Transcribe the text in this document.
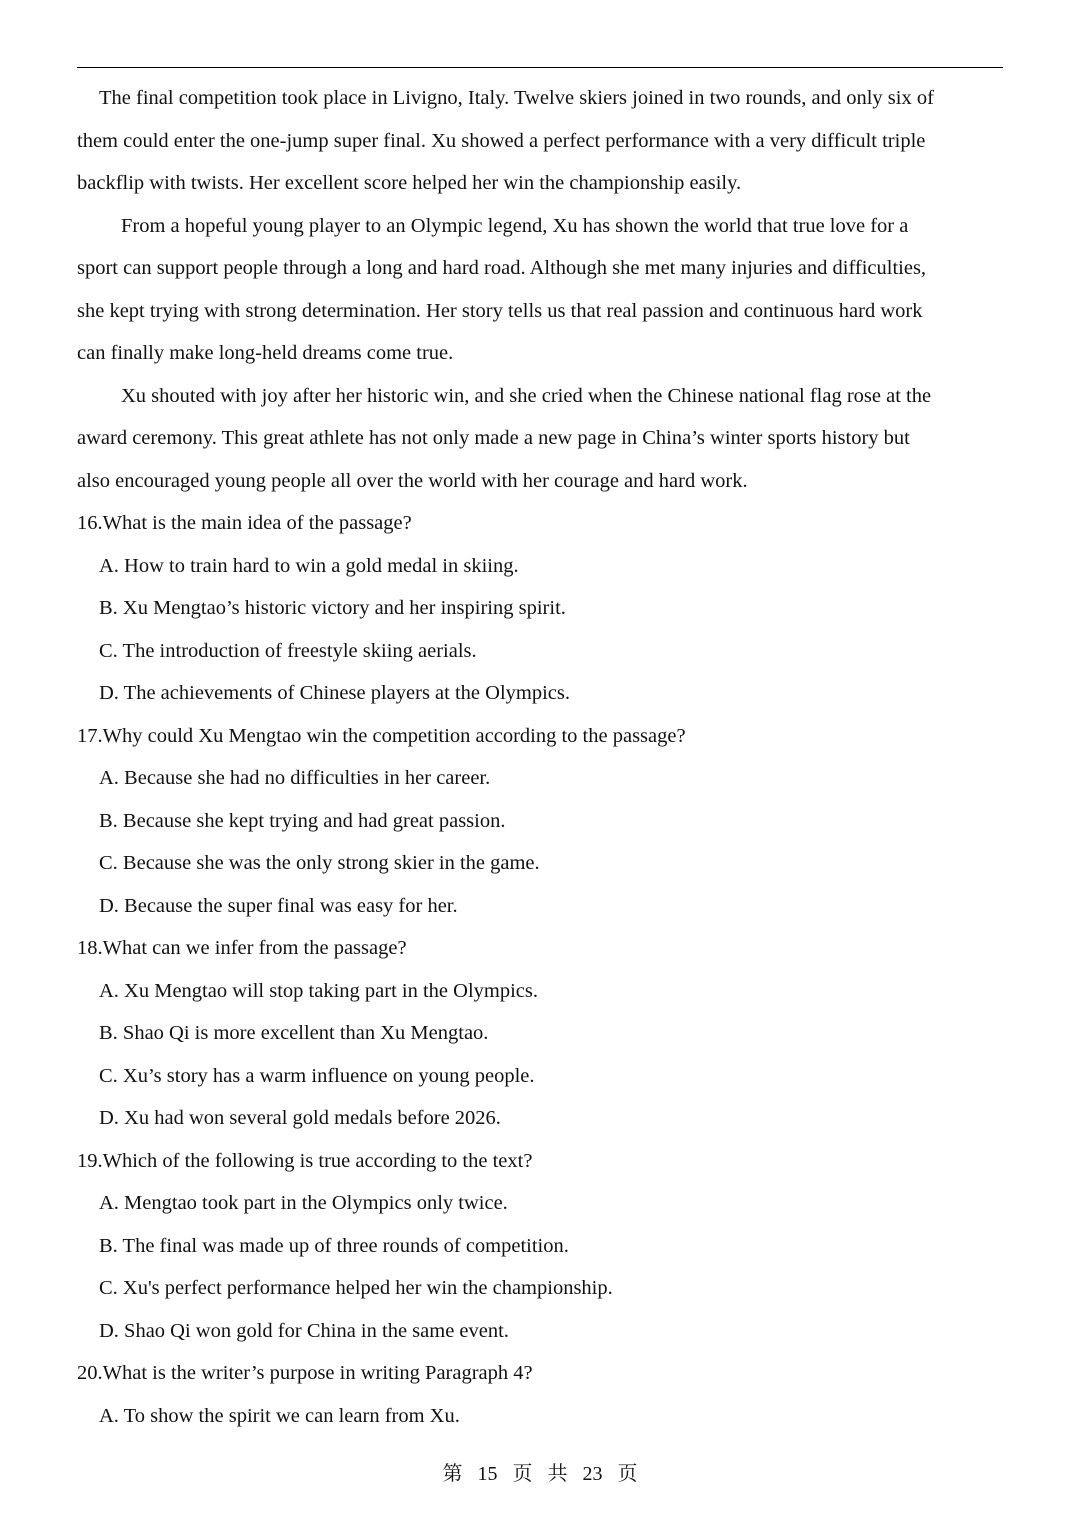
The final competition took place in Livigno, Italy. Twelve skiers joined in two rounds, and only six of
them could enter the one-jump super final. Xu showed a perfect performance with a very difficult triple
backflip with twists. Her excellent score helped her win the championship easily.
From a hopeful young player to an Olympic legend, Xu has shown the world that true love for a
sport can support people through a long and hard road. Although she met many injuries and difficulties,
she kept trying with strong determination. Her story tells us that real passion and continuous hard work
can finally make long-held dreams come true.
Xu shouted with joy after her historic win, and she cried when the Chinese national flag rose at the
award ceremony. This great athlete has not only made a new page in China’s winter sports history but
also encouraged young people all over the world with her courage and hard work.
16.What is the main idea of the passage?
A. How to train hard to win a gold medal in skiing.
B. Xu Mengtao’s historic victory and her inspiring spirit.
C. The introduction of freestyle skiing aerials.
D. The achievements of Chinese players at the Olympics.
17.Why could Xu Mengtao win the competition according to the passage?
A. Because she had no difficulties in her career.
B. Because she kept trying and had great passion.
C. Because she was the only strong skier in the game.
D. Because the super final was easy for her.
18.What can we infer from the passage?
A. Xu Mengtao will stop taking part in the Olympics.
B. Shao Qi is more excellent than Xu Mengtao.
C. Xu’s story has a warm influence on young people.
D. Xu had won several gold medals before 2026.
19.Which of the following is true according to the text?
A. Mengtao took part in the Olympics only twice.
B. The final was made up of three rounds of competition.
C. Xu's perfect performance helped her win the championship.
D. Shao Qi won gold for China in the same event.
20.What is the writer’s purpose in writing Paragraph 4?
A. To show the spirit we can learn from Xu.
第 15 页 共 23 页
